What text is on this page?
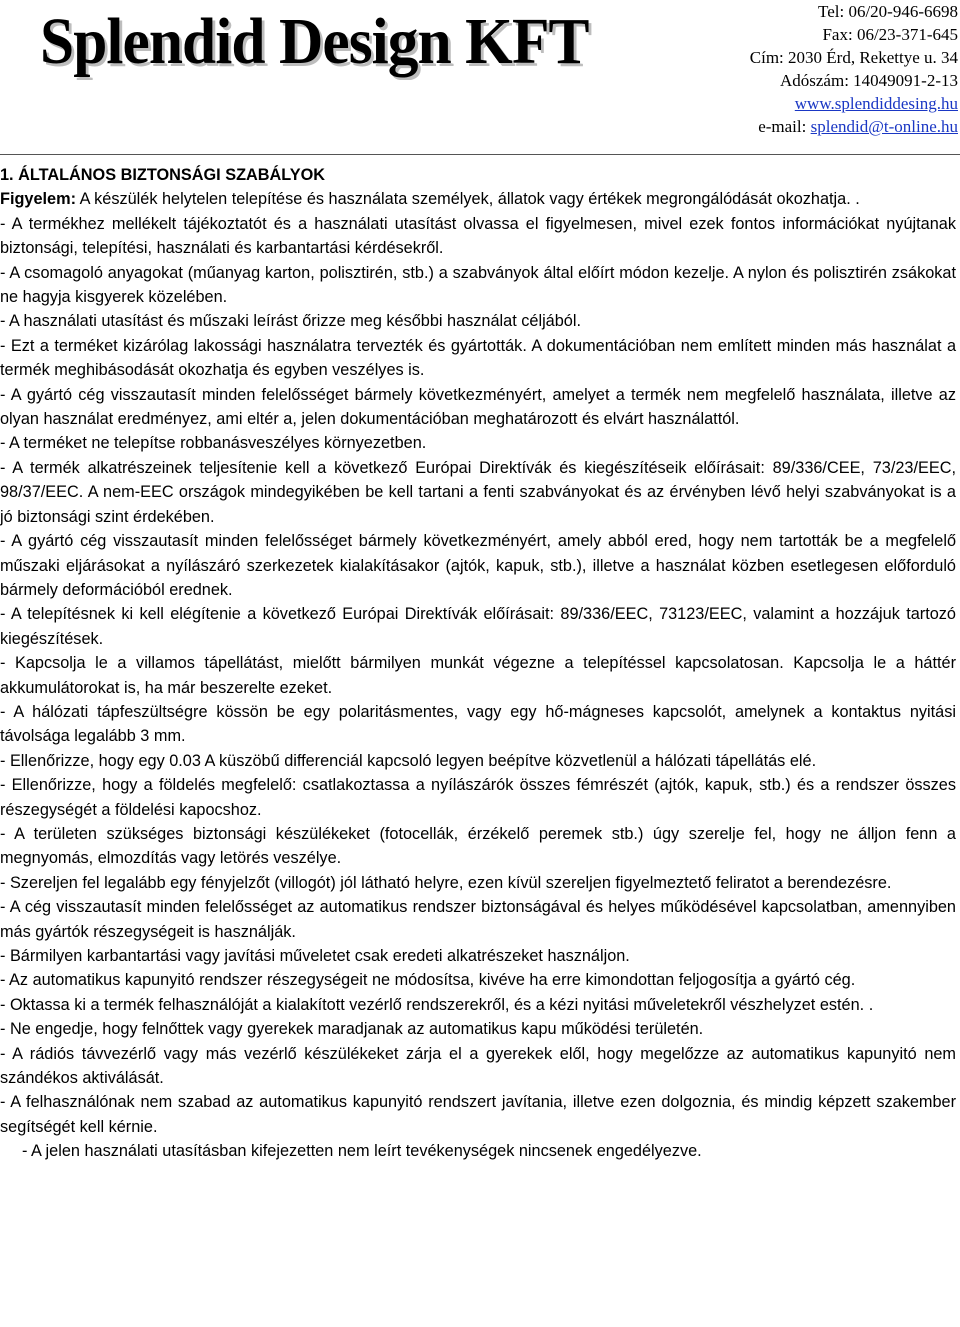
Splendid Design KFT	Tel: 06/20-946-6698
Fax: 06/23-371-645
Cím: 2030 Érd, Rekettye u. 34
Adószám: 14049091-2-13
www.splendiddesing.hu
e-mail: splendid@t-online.hu
1. ÁLTALÁNOS BIZTONSÁGI SZABÁLYOK
Figyelem: A készülék helytelen telepítése és használata személyek, állatok vagy értékek megrongálódását okozhatja. .
- A termékhez mellékelt tájékoztatót és a használati utasítást olvassa el figyelmesen, mivel ezek fontos információkat nyújtanak biztonsági, telepítési, használati és karbantartási kérdésekről.
- A csomagoló anyagokat (műanyag karton, polisztirén, stb.) a szabványok által előírt módon kezelje. A nylon és polisztirén zsákokat ne hagyja kisgyerek közelében.
- A használati utasítást és műszaki leírást őrizze meg későbbi használat céljából.
- Ezt a terméket kizárólag lakossági használatra tervezték és gyártották. A dokumentációban nem említett minden más használat a termék meghibásodását okozhatja és egyben veszélyes is.
- A gyártó cég visszautasít minden felelősséget bármely következményért, amelyet a termék nem megfelelő használata, illetve az olyan használat eredményez, ami eltér a, jelen dokumentációban meghatározott és elvárt használattól.
- A terméket ne telepítse robbanásveszélyes környezetben.
- A termék alkatrészeinek teljesítenie kell a következő Európai Direktívák és kiegészítéseik előírásait: 89/336/CEE, 73/23/EEC, 98/37/EEC. A nem-EEC országok mindegyikében be kell tartani a fenti szabványokat és az érvényben lévő helyi szabványokat is a jó biztonsági szint érdekében.
- A gyártó cég visszautasít minden felelősséget bármely következményért, amely abból ered, hogy nem tartották be a megfelelő műszaki eljárásokat a nyílászáró szerkezetek kialakításakor (ajtók, kapuk, stb.), illetve a használat közben esetlegesen előforduló bármely deformációból erednek.
- A telepítésnek ki kell elégítenie a következő Európai Direktívák előírásait: 89/336/EEC, 73123/EEC, valamint a hozzájuk tartozó kiegészítések.
- Kapcsolja le a villamos tápellátást, mielőtt bármilyen munkát végezne a telepítéssel kapcsolatosan. Kapcsolja le a háttér akkumulátorokat is, ha már beszerelte ezeket.
- A hálózati tápfeszültségre kössön be egy polaritásmentes, vagy egy hő-mágneses kapcsolót, amelynek a kontaktus nyitási távolsága legalább 3 mm.
- Ellenőrizze, hogy egy 0.03 A küszöbű differenciál kapcsoló legyen beépítve közvetlenül a hálózati tápellátás elé.
- Ellenőrizze, hogy a földelés megfelelő: csatlakoztassa a nyílászárók összes fémrészét (ajtók, kapuk, stb.) és a rendszer összes részegységét a földelési kapocshoz.
- A területen szükséges biztonsági készülékeket (fotocellák, érzékelő peremek stb.) úgy szerelje fel, hogy ne álljon fenn a megnyomás, elmozdítás vagy letörés veszélye.
- Szereljen fel legalább egy fényjelzőt (villogót) jól látható helyre, ezen kívül szereljen figyelmeztető feliratot a berendezésre.
- A cég visszautasít minden felelősséget az automatikus rendszer biztonságával és helyes működésével kapcsolatban, amennyiben más gyártók részegységeit is használják.
- Bármilyen karbantartási vagy javítási műveletet csak eredeti alkatrészeket használjon.
- Az automatikus kapunyitó rendszer részegységeit ne módosítsa, kivéve ha erre kimondottan feljogosítja a gyártó cég.
- Oktassa ki a termék felhasználóját a kialakított vezérlő rendszerekről, és a kézi nyitási műveletekről vészhelyzet estén. .
- Ne engedje, hogy felnőttek vagy gyerekek maradjanak az automatikus kapu működési területén.
- A rádiós távvezérlő vagy más vezérlő készülékeket zárja el a gyerekek elől, hogy megelőzze az automatikus kapunyitó nem szándékos aktiválását.
- A felhasználónak nem szabad az automatikus kapunyitó rendszert javítania, illetve ezen dolgoznia, és mindig képzett szakember segítségét kell kérnie.
- A jelen használati utasításban kifejezetten nem leírt tevékenységek nincsenek engedélyezve.
